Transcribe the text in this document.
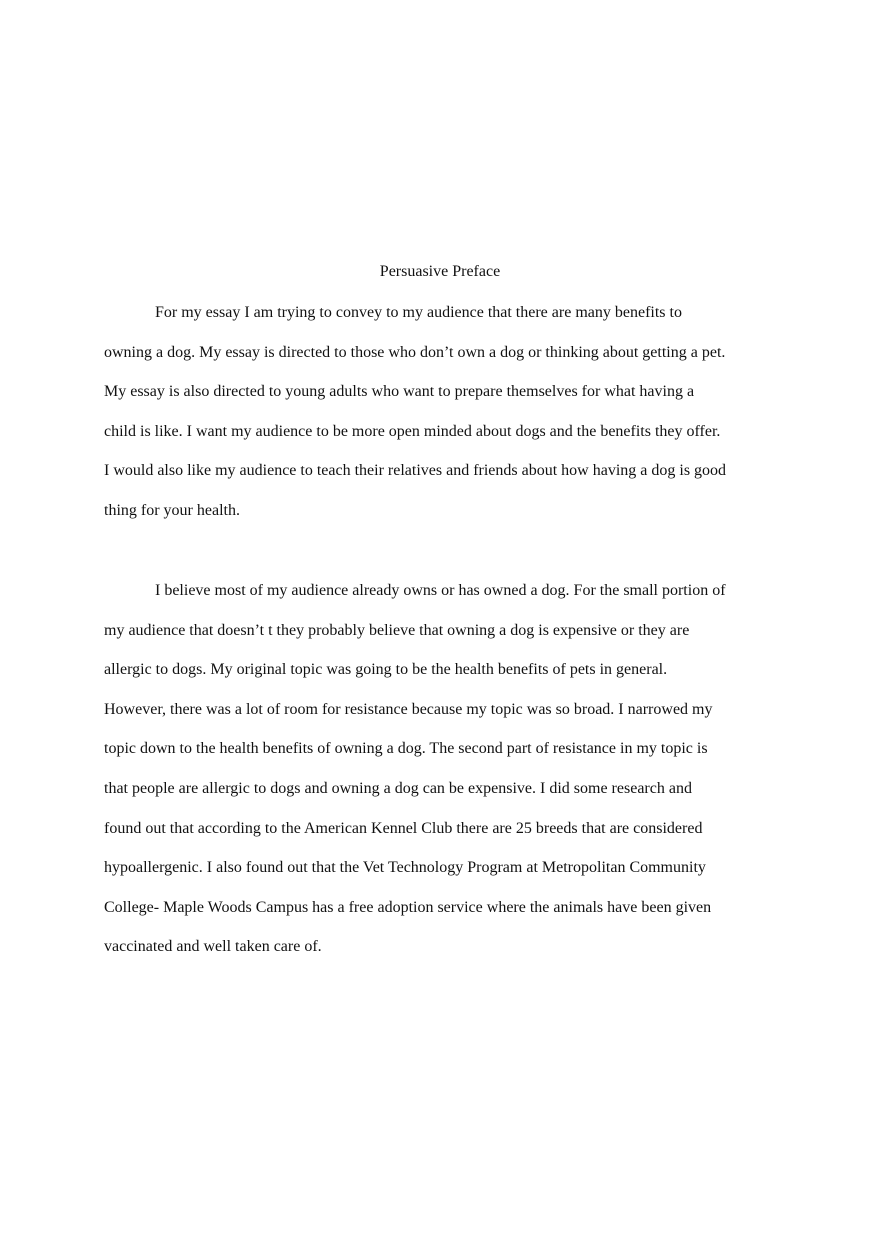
Persuasive Preface

For my essay I am trying to convey to my audience that there are many benefits to

owning a dog. My essay is directed to those who don’t own a dog or thinking about getting a pet.

My essay is also directed to young adults who want to prepare themselves for what having a

child is like. I want my audience to be more open minded about dogs and the benefits they offer.

I would also like my audience to teach their relatives and friends about how having a dog is good

thing for your health.

I believe most of my audience already owns or has owned a dog. For the small portion of

my audience that doesn’t t they probably believe that owning a dog is expensive or they are

allergic to dogs. My original topic was going to be the health benefits of pets in general.

However, there was a lot of room for resistance because my topic was so broad. I narrowed my

topic down to the health benefits of owning a dog. The second part of resistance in my topic is

that people are allergic to dogs and owning a dog can be expensive. I did some research and

found out that according to the American Kennel Club there are 25 breeds that are considered

hypoallergenic. I also found out that the Vet Technology Program at Metropolitan Community

College- Maple Woods Campus has a free adoption service where the animals have been given

vaccinated and well taken care of.
